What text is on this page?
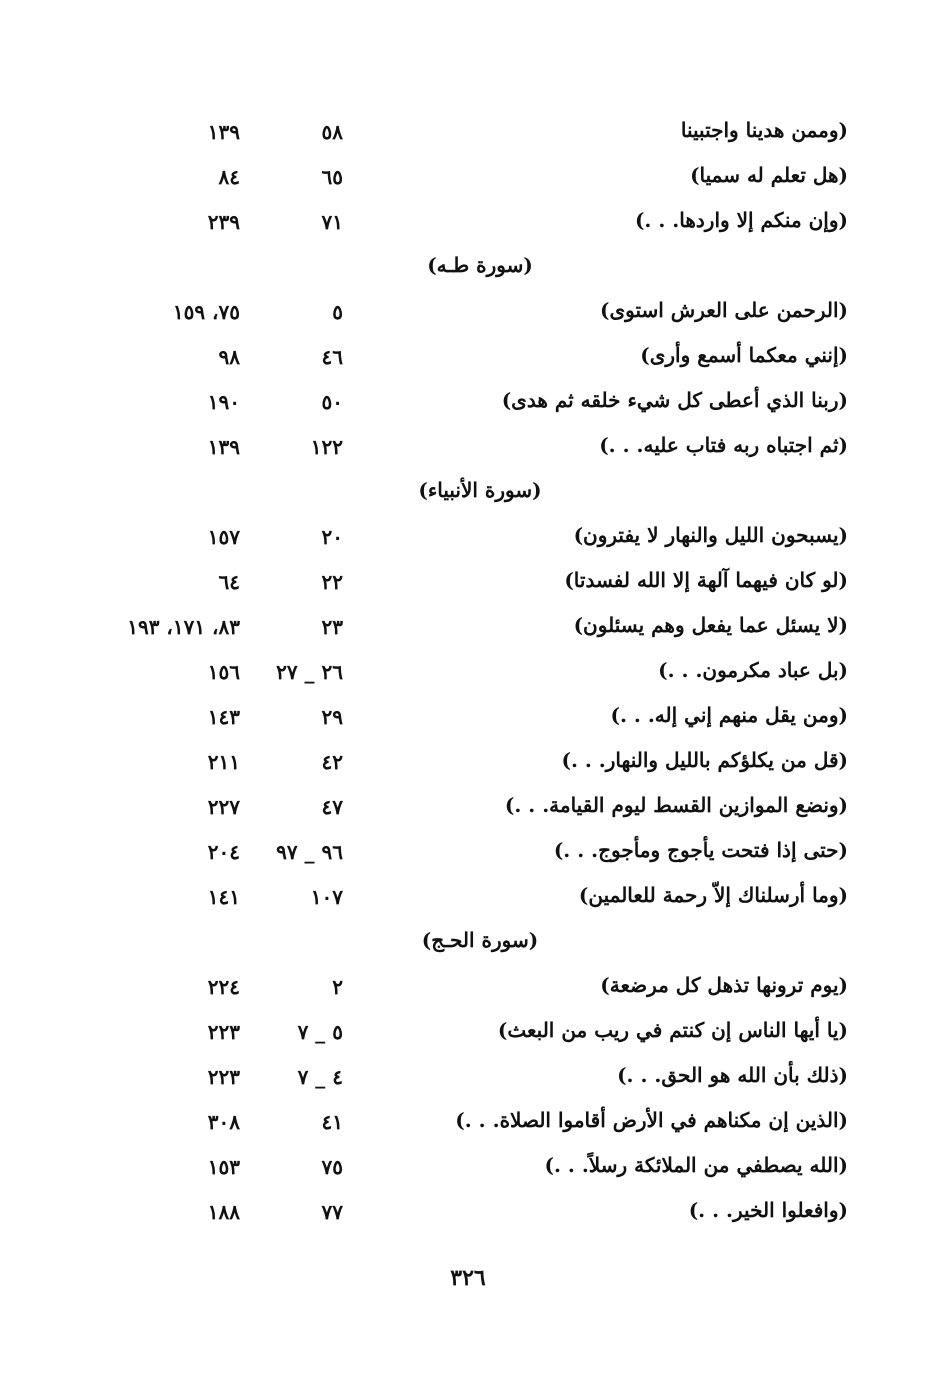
(وممن هدينا واجتبينا
٥٨
١٣٩
(هل تعلم له سميا)
٦٥
٨٤
(وإن منكم إلا واردها. . .)
٧١
٢٣٩
(سورة طـه)
(الرحمن على العرش استوى)
٥
٧٥، ١٥٩
(إنني معكما أسمع وأرى)
٤٦
٩٨
(ربنا الذي أعطى كل شيء خلقه ثم هدى)
٥٠
١٩٠
(ثم اجتباه ربه فتاب عليه. . .)
١٢٢
١٣٩
(سورة الأنبياء)
(يسبحون الليل والنهار لا يفترون)
٢٠
١٥٧
(لو كان فيهما آلهة إلا الله لفسدتا)
٢٢
٦٤
(لا يسئل عما يفعل وهم يسئلون)
٢٣
٨٣، ١٧١، ١٩٣
(بل عباد مكرمون. . .)
٢٦ _ ٢٧
١٥٦
(ومن يقل منهم إني إله. . .)
٢٩
١٤٣
(قل من يكلؤكم بالليل والنهار. . .)
٤٢
٢١١
(ونضع الموازين القسط ليوم القيامة. . .)
٤٧
٢٢٧
(حتى إذا فتحت يأجوج ومأجوج. . .)
٩٦ _ ٩٧
٢٠٤
(وما أرسلناك إلاّ رحمة للعالمين)
١٠٧
١٤١
(سورة الحـج)
(يوم ترونها تذهل كل مرضعة)
٢
٢٢٤
(يا أيها الناس إن كنتم في ريب من البعث)
٥ _ ٧
٢٢٣
(ذلك بأن الله هو الحق. . .)
٤ _ ٧
٢٢٣
(الذين إن مكناهم في الأرض أقاموا الصلاة. . .)
٤١
٣٠٨
(الله يصطفي من الملائكة رسلاً. . .)
٧٥
١٥٣
(وافعلوا الخير. . .)
٧٧
١٨٨
٣٢٦
